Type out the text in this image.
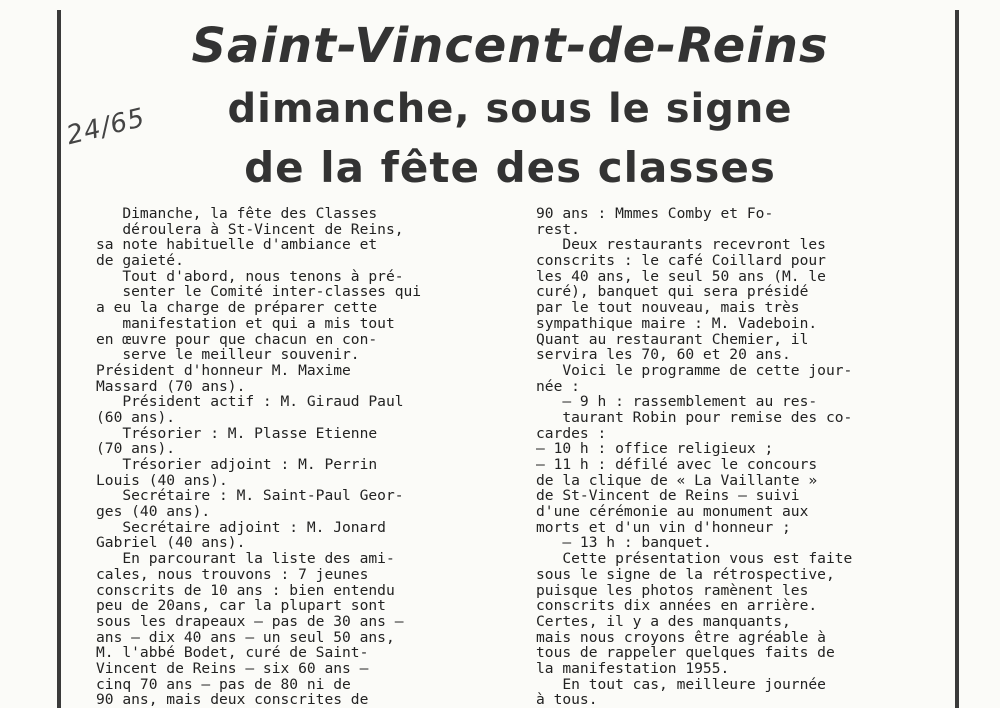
Saint-Vincent-de-Reins
dimanche, sous le signe
de la fête des classes
24/65
Dimanche, la fête des Classes
déroulera à St-Vincent de Reins,
sa note habituelle d'ambiance et
de gaieté.
Tout d'abord, nous tenons à pré-
senter le Comité inter-classes qui
a eu la charge de préparer cette
manifestation et qui a mis tout
en œuvre pour que chacun en con-
serve le meilleur souvenir.
Président d'honneur M. Maxime
Massard (70 ans).
Président actif : M. Giraud Paul
(60 ans).
Trésorier : M. Plasse Etienne
(70 ans).
Trésorier adjoint : M. Perrin
Louis (40 ans).
Secrétaire : M. Saint-Paul Geor-
ges (40 ans).
Secrétaire adjoint : M. Jonard
Gabriel (40 ans).
En parcourant la liste des ami-
cales, nous trouvons : 7 jeunes
conscrits de 10 ans : bien entendu
peu de 20ans, car la plupart sont
sous les drapeaux — pas de 30 ans —
ans — dix 40 ans — un seul 50 ans,
M. l'abbé Bodet, curé de Saint-
Vincent de Reins — six 60 ans —
cinq 70 ans — pas de 80 ni de
90 ans, mais deux conscrites de
90 ans : Mmmes Comby et Fo-
rest.
Deux restaurants recevront les
conscrits : le café Coillard pour
les 40 ans, le seul 50 ans (M. le
curé), banquet qui sera présidé
par le tout nouveau, mais très
sympathique maire : M. Vadeboin.
Quant au restaurant Chemier, il
servira les 70, 60 et 20 ans.
Voici le programme de cette jour-
née :
— 9 h : rassemblement au res-
taurant Robin pour remise des co-
cardes :
— 10 h : office religieux ;
— 11 h : défilé avec le concours
de la clique de « La Vaillante »
de St-Vincent de Reins — suivi
d'une cérémonie au monument aux
morts et d'un vin d'honneur ;
— 13 h : banquet.
Cette présentation vous est faite
sous le signe de la rétrospective,
puisque les photos ramènent les
conscrits dix années en arrière.
Certes, il y a des manquants,
mais nous croyons être agréable à
tous de rappeler quelques faits de
la manifestation 1955.
En tout cas, meilleure journée
à tous.
